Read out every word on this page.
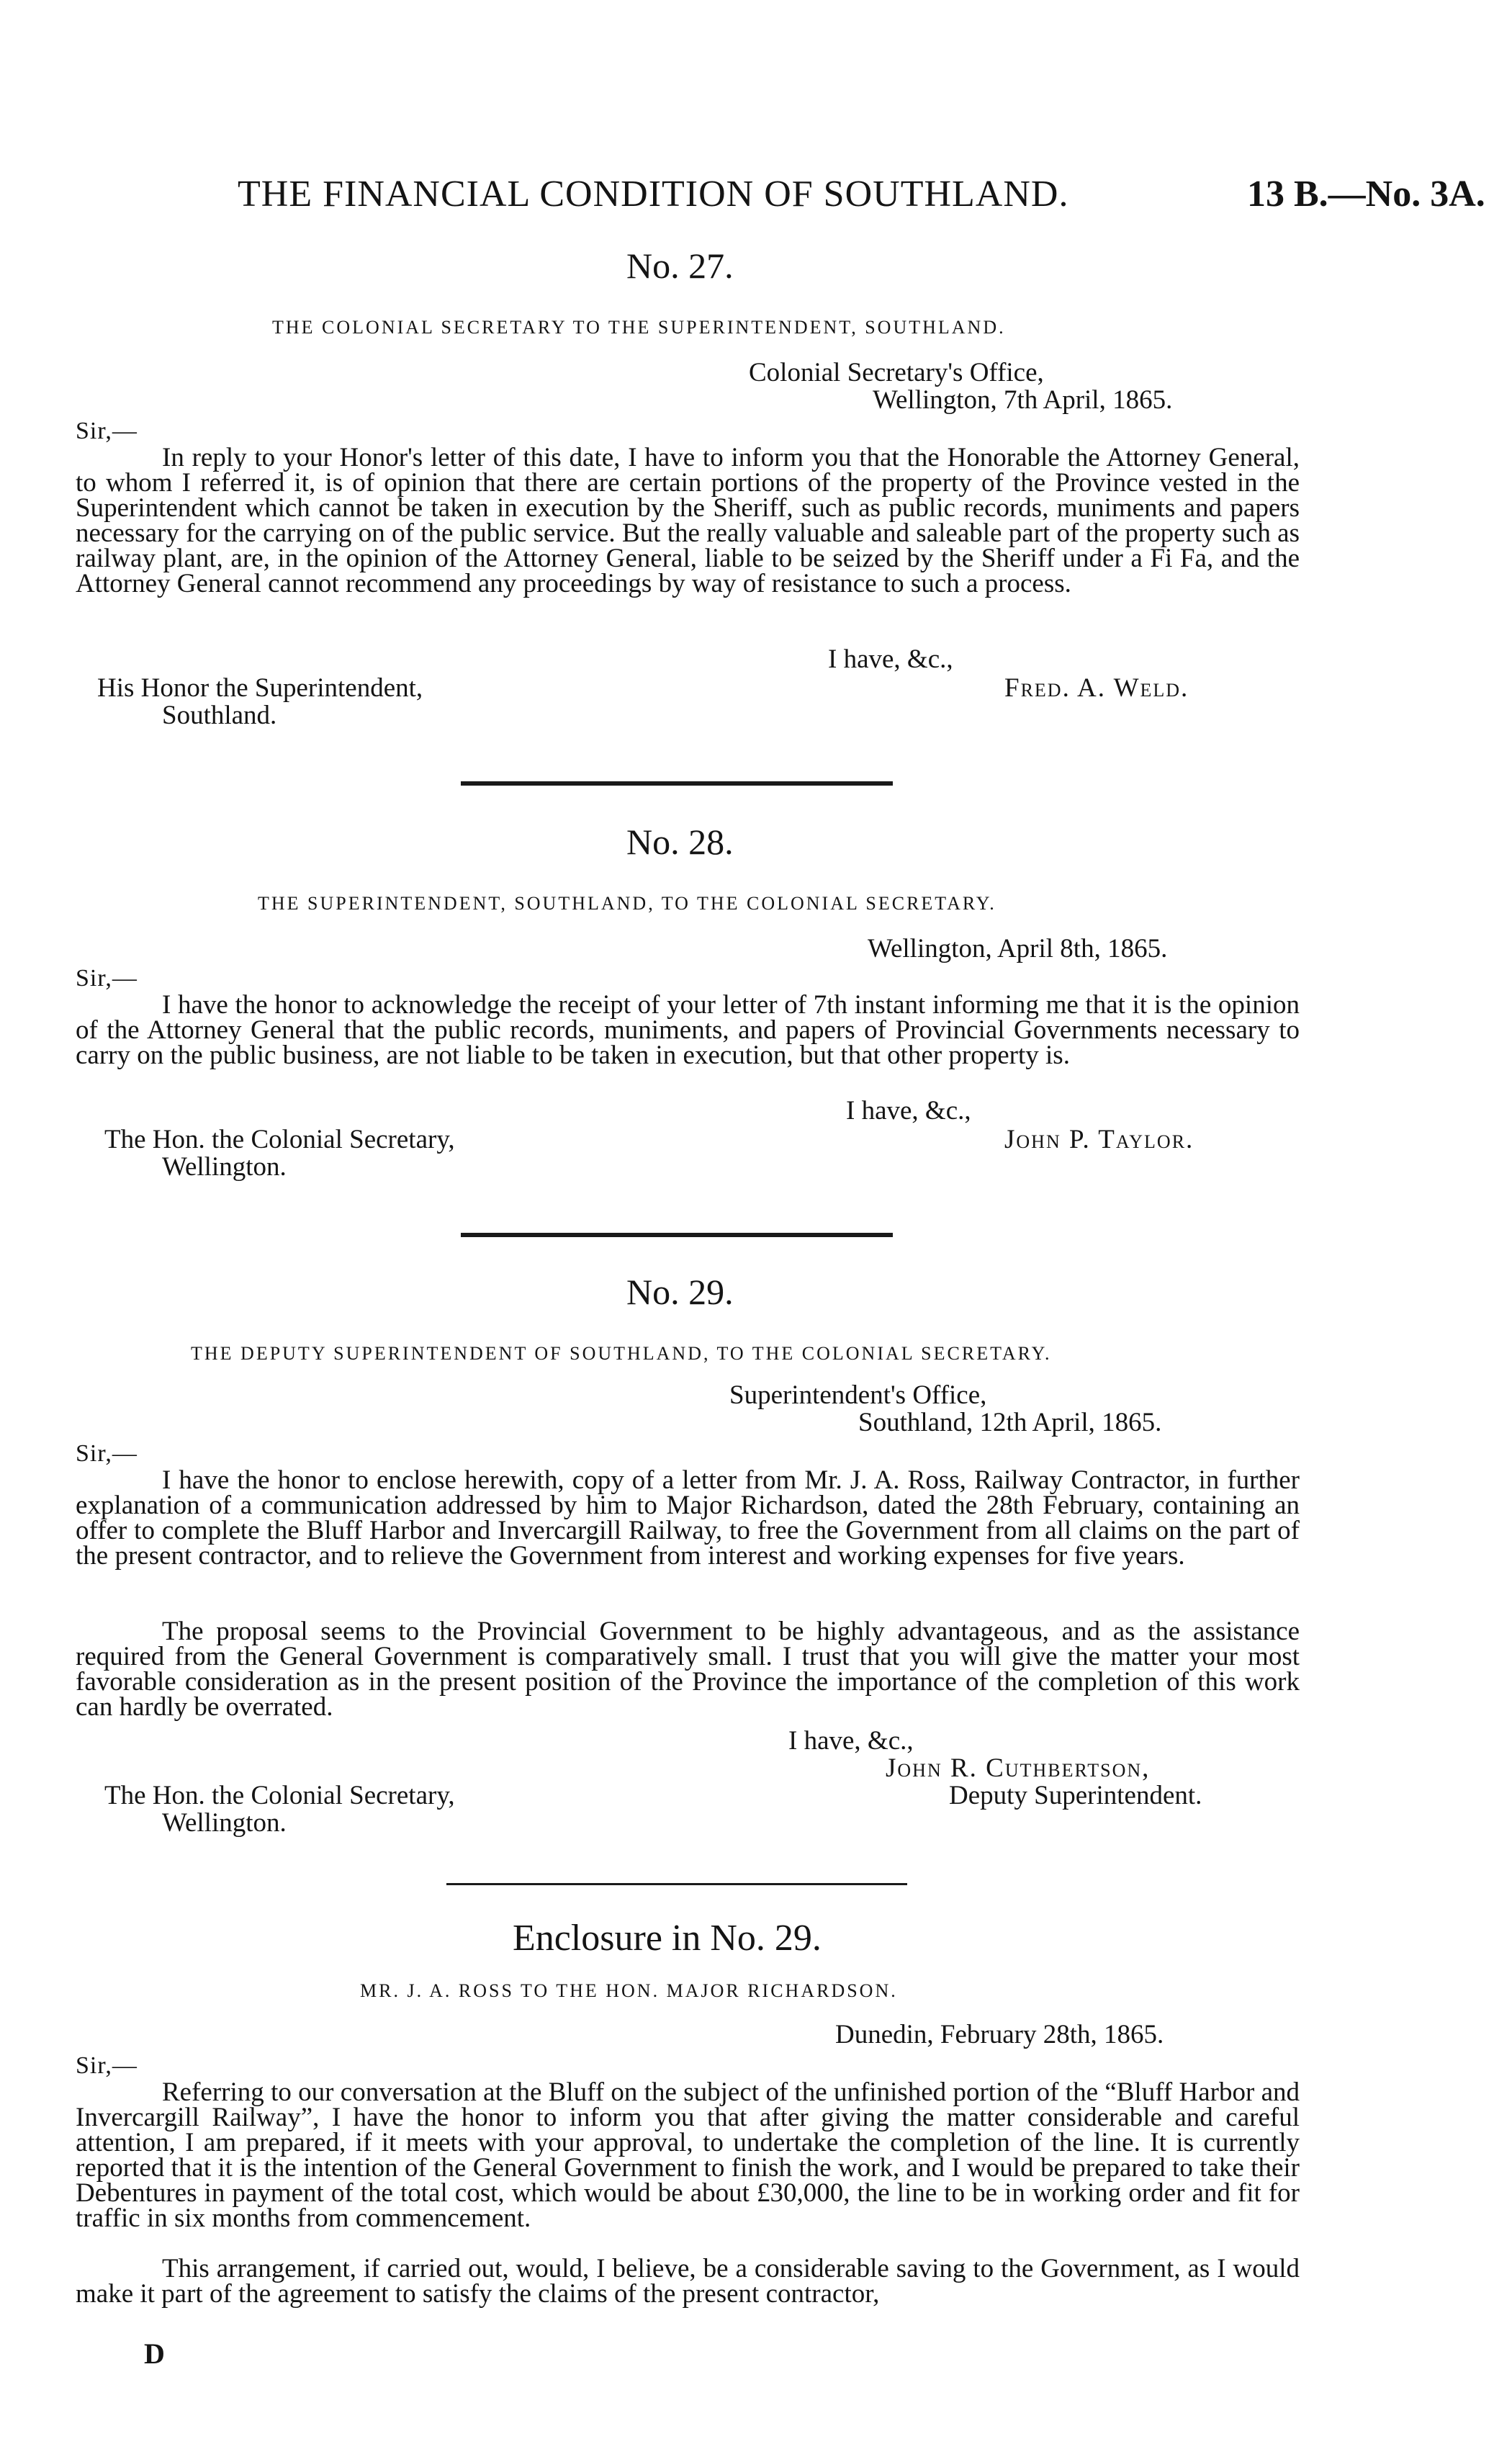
THE FINANCIAL CONDITION OF SOUTHLAND.	13 B.—No. 3A.
No. 27.
THE COLONIAL SECRETARY TO THE SUPERINTENDENT, SOUTHLAND.
Colonial Secretary's Office,
Wellington, 7th April, 1865.
Sir,—
In reply to your Honor's letter of this date, I have to inform you that the Honorable the Attorney General, to whom I referred it, is of opinion that there are certain portions of the property of the Province vested in the Superintendent which cannot be taken in execution by the Sheriff, such as public records, muniments and papers necessary for the carrying on of the public service. But the really valuable and saleable part of the property such as railway plant, are, in the opinion of the Attorney General, liable to be seized by the Sheriff under a Fi Fa, and the Attorney General cannot recommend any proceedings by way of resistance to such a process.
I have, &c.,
His Honor the Superintendent,	Fred. A. Weld.
Southland.
No. 28.
THE SUPERINTENDENT, SOUTHLAND, TO THE COLONIAL SECRETARY.
Wellington, April 8th, 1865.
Sir,—
I have the honor to acknowledge the receipt of your letter of 7th instant informing me that it is the opinion of the Attorney General that the public records, muniments, and papers of Provincial Governments necessary to carry on the public business, are not liable to be taken in execution, but that other property is.
I have, &c.,
The Hon. the Colonial Secretary,	John P. Taylor.
Wellington.
No. 29.
THE DEPUTY SUPERINTENDENT OF SOUTHLAND, TO THE COLONIAL SECRETARY.
Superintendent's Office,
Southland, 12th April, 1865.
Sir,—
I have the honor to enclose herewith, copy of a letter from Mr. J. A. Ross, Railway Contractor, in further explanation of a communication addressed by him to Major Richardson, dated the 28th February, containing an offer to complete the Bluff Harbor and Invercargill Railway, to free the Government from all claims on the part of the present contractor, and to relieve the Government from interest and working expenses for five years.
The proposal seems to the Provincial Government to be highly advantageous, and as the assistance required from the General Government is comparatively small. I trust that you will give the matter your most favorable consideration as in the present position of the Province the importance of the completion of this work can hardly be overrated.
I have, &c.,
John R. Cuthbertson,
The Hon. the Colonial Secretary,	Deputy Superintendent.
Wellington.
Enclosure in No. 29.
MR. J. A. ROSS TO THE HON. MAJOR RICHARDSON.
Dunedin, February 28th, 1865.
Sir,—
Referring to our conversation at the Bluff on the subject of the unfinished portion of the “Bluff Harbor and Invercargill Railway”, I have the honor to inform you that after giving the matter considerable and careful attention, I am prepared, if it meets with your approval, to undertake the completion of the line. It is currently reported that it is the intention of the General Government to finish the work, and I would be prepared to take their Debentures in payment of the total cost, which would be about £30,000, the line to be in working order and fit for traffic in six months from commencement.
This arrangement, if carried out, would, I believe, be a considerable saving to the Government, as I would make it part of the agreement to satisfy the claims of the present contractor,
D
